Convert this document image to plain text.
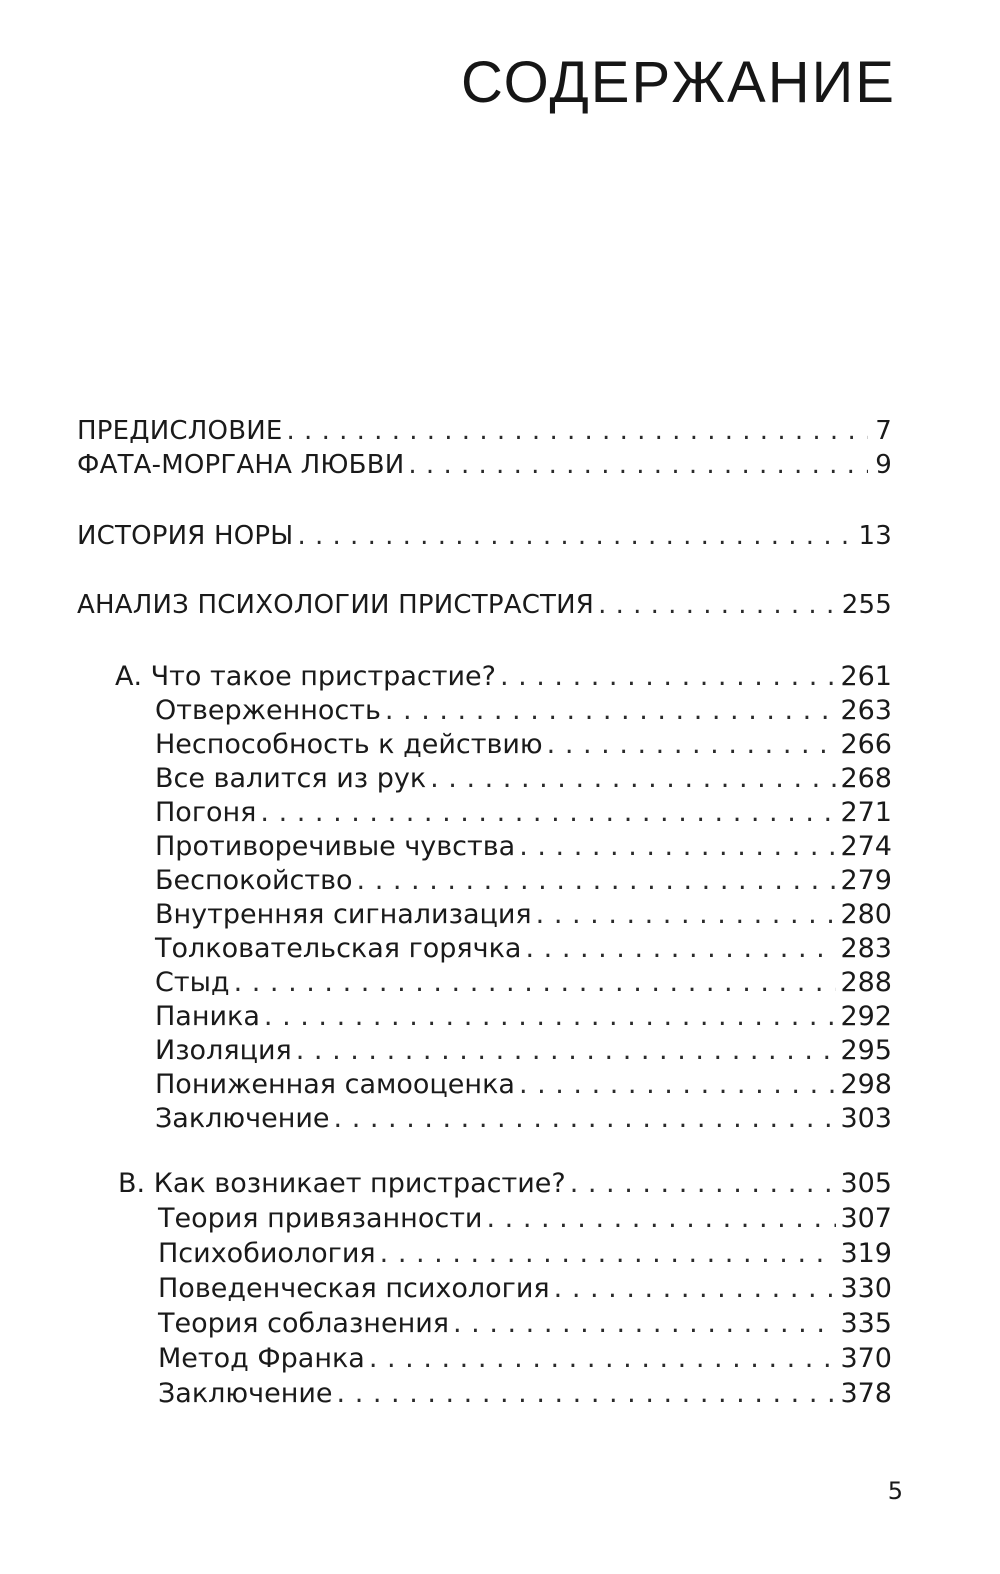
СОДЕРЖАНИЕ
ПРЕДИСЛОВИЕ . . .	7
ФАТА-МОРГАНА ЛЮБВИ . . .	9
ИСТОРИЯ НОРЫ . . .	13
АНАЛИЗ ПСИХОЛОГИИ ПРИСТРАСТИЯ . . .	255
А. Что такое пристрастие? . . .	261
Отверженность . . .	263
Неспособность к действию . . .	266
Все валится из рук . . .	268
Погоня . . .	271
Противоречивые чувства . . .	274
Беспокойство . . .	279
Внутренняя сигнализация . . .	280
Толковательская горячка . . .	283
Стыд . . .	288
Паника . . .	292
Изоляция . . .	295
Пониженная самооценка . . .	298
Заключение . . .	303
В. Как возникает пристрастие? . . .	305
Теория привязанности . . .	307
Психобиология . . .	319
Поведенческая психология . . .	330
Теория соблазнения . . .	335
Метод Франка . . .	370
Заключение . . .	378
5
